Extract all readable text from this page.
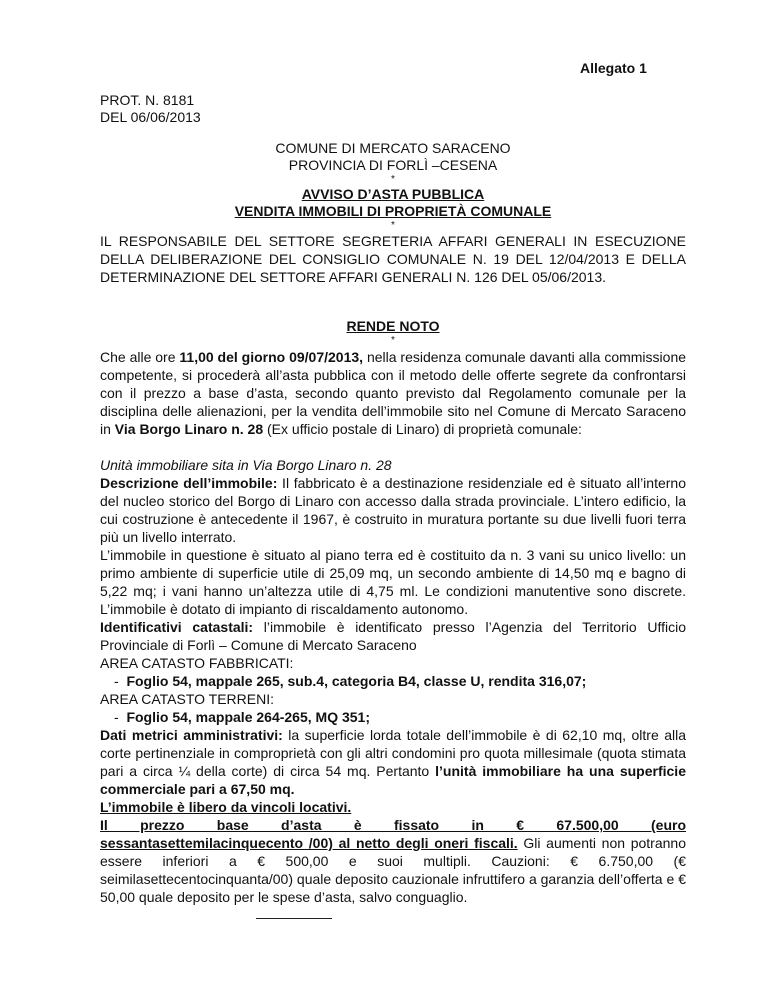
Allegato 1
PROT. N. 8181
DEL 06/06/2013
COMUNE DI MERCATO SARACENO
PROVINCIA DI FORLÌ –CESENA
*
AVVISO D’ASTA PUBBLICA
VENDITA IMMOBILI DI PROPRIETÀ COMUNALE
*

IL RESPONSABILE DEL SETTORE SEGRETERIA AFFARI GENERALI IN ESECUZIONE DELLA DELIBERAZIONE DEL CONSIGLIO COMUNALE N. 19 DEL 12/04/2013 E DELLA DETERMINAZIONE DEL SETTORE AFFARI GENERALI N. 126 DEL 05/06/2013.

RENDE NOTO
*

Che alle ore 11,00 del giorno 09/07/2013, nella residenza comunale davanti alla commissione competente, si procederà all’asta pubblica con il metodo delle offerte segrete da confrontarsi con il prezzo a base d’asta, secondo quanto previsto dal Regolamento comunale per la disciplina delle alienazioni, per la vendita dell’immobile sito nel Comune di Mercato Saraceno in Via Borgo Linaro n. 28 (Ex ufficio postale di Linaro) di proprietà comunale:

Unità immobiliare sita in Via Borgo Linaro n. 28

Descrizione dell’immobile: Il fabbricato è a destinazione residenziale ed è situato all’interno del nucleo storico del Borgo di Linaro con accesso dalla strada provinciale. L’intero edificio, la cui costruzione è antecedente il 1967, è costruito in muratura portante su due livelli fuori terra più un livello interrato.

L’immobile in questione è situato al piano terra ed è costituito da n. 3 vani su unico livello: un primo ambiente di superficie utile di 25,09 mq, un secondo ambiente di 14,50 mq e bagno di 5,22 mq; i vani hanno un’altezza utile di 4,75 ml. Le condizioni manutentive sono discrete. L’immobile è dotato di impianto di riscaldamento autonomo.

Identificativi catastali: l’immobile è identificato presso l’Agenzia del Territorio Ufficio Provinciale di Forlì – Comune di Mercato Saraceno

AREA CATASTO FABBRICATI:
- Foglio 54, mappale 265, sub.4, categoria B4, classe U, rendita 316,07;
AREA CATASTO TERRENI:
- Foglio 54, mappale 264-265, MQ 351;

Dati metrici amministrativi: la superficie lorda totale dell’immobile è di 62,10 mq, oltre alla corte pertinenziale in comproprietà con gli altri condomini pro quota millesimale (quota stimata pari a circa ¼ della corte) di circa 54 mq. Pertanto l’unità immobiliare ha una superficie commerciale pari a 67,50 mq.

L’immobile è libero da vincoli locativi.
Il prezzo base d’asta è fissato in € 67.500,00 (euro

sessantasettemilacinquecento /00) al netto degli oneri fiscali. Gli aumenti non potranno essere inferiori a € 500,00 e suoi multipli. Cauzioni: € 6.750,00 (€ seimilasettecentocinquanta/00) quale deposito cauzionale infruttifero a garanzia dell’offerta e € 50,00 quale deposito per le spese d’asta, salvo conguaglio.
